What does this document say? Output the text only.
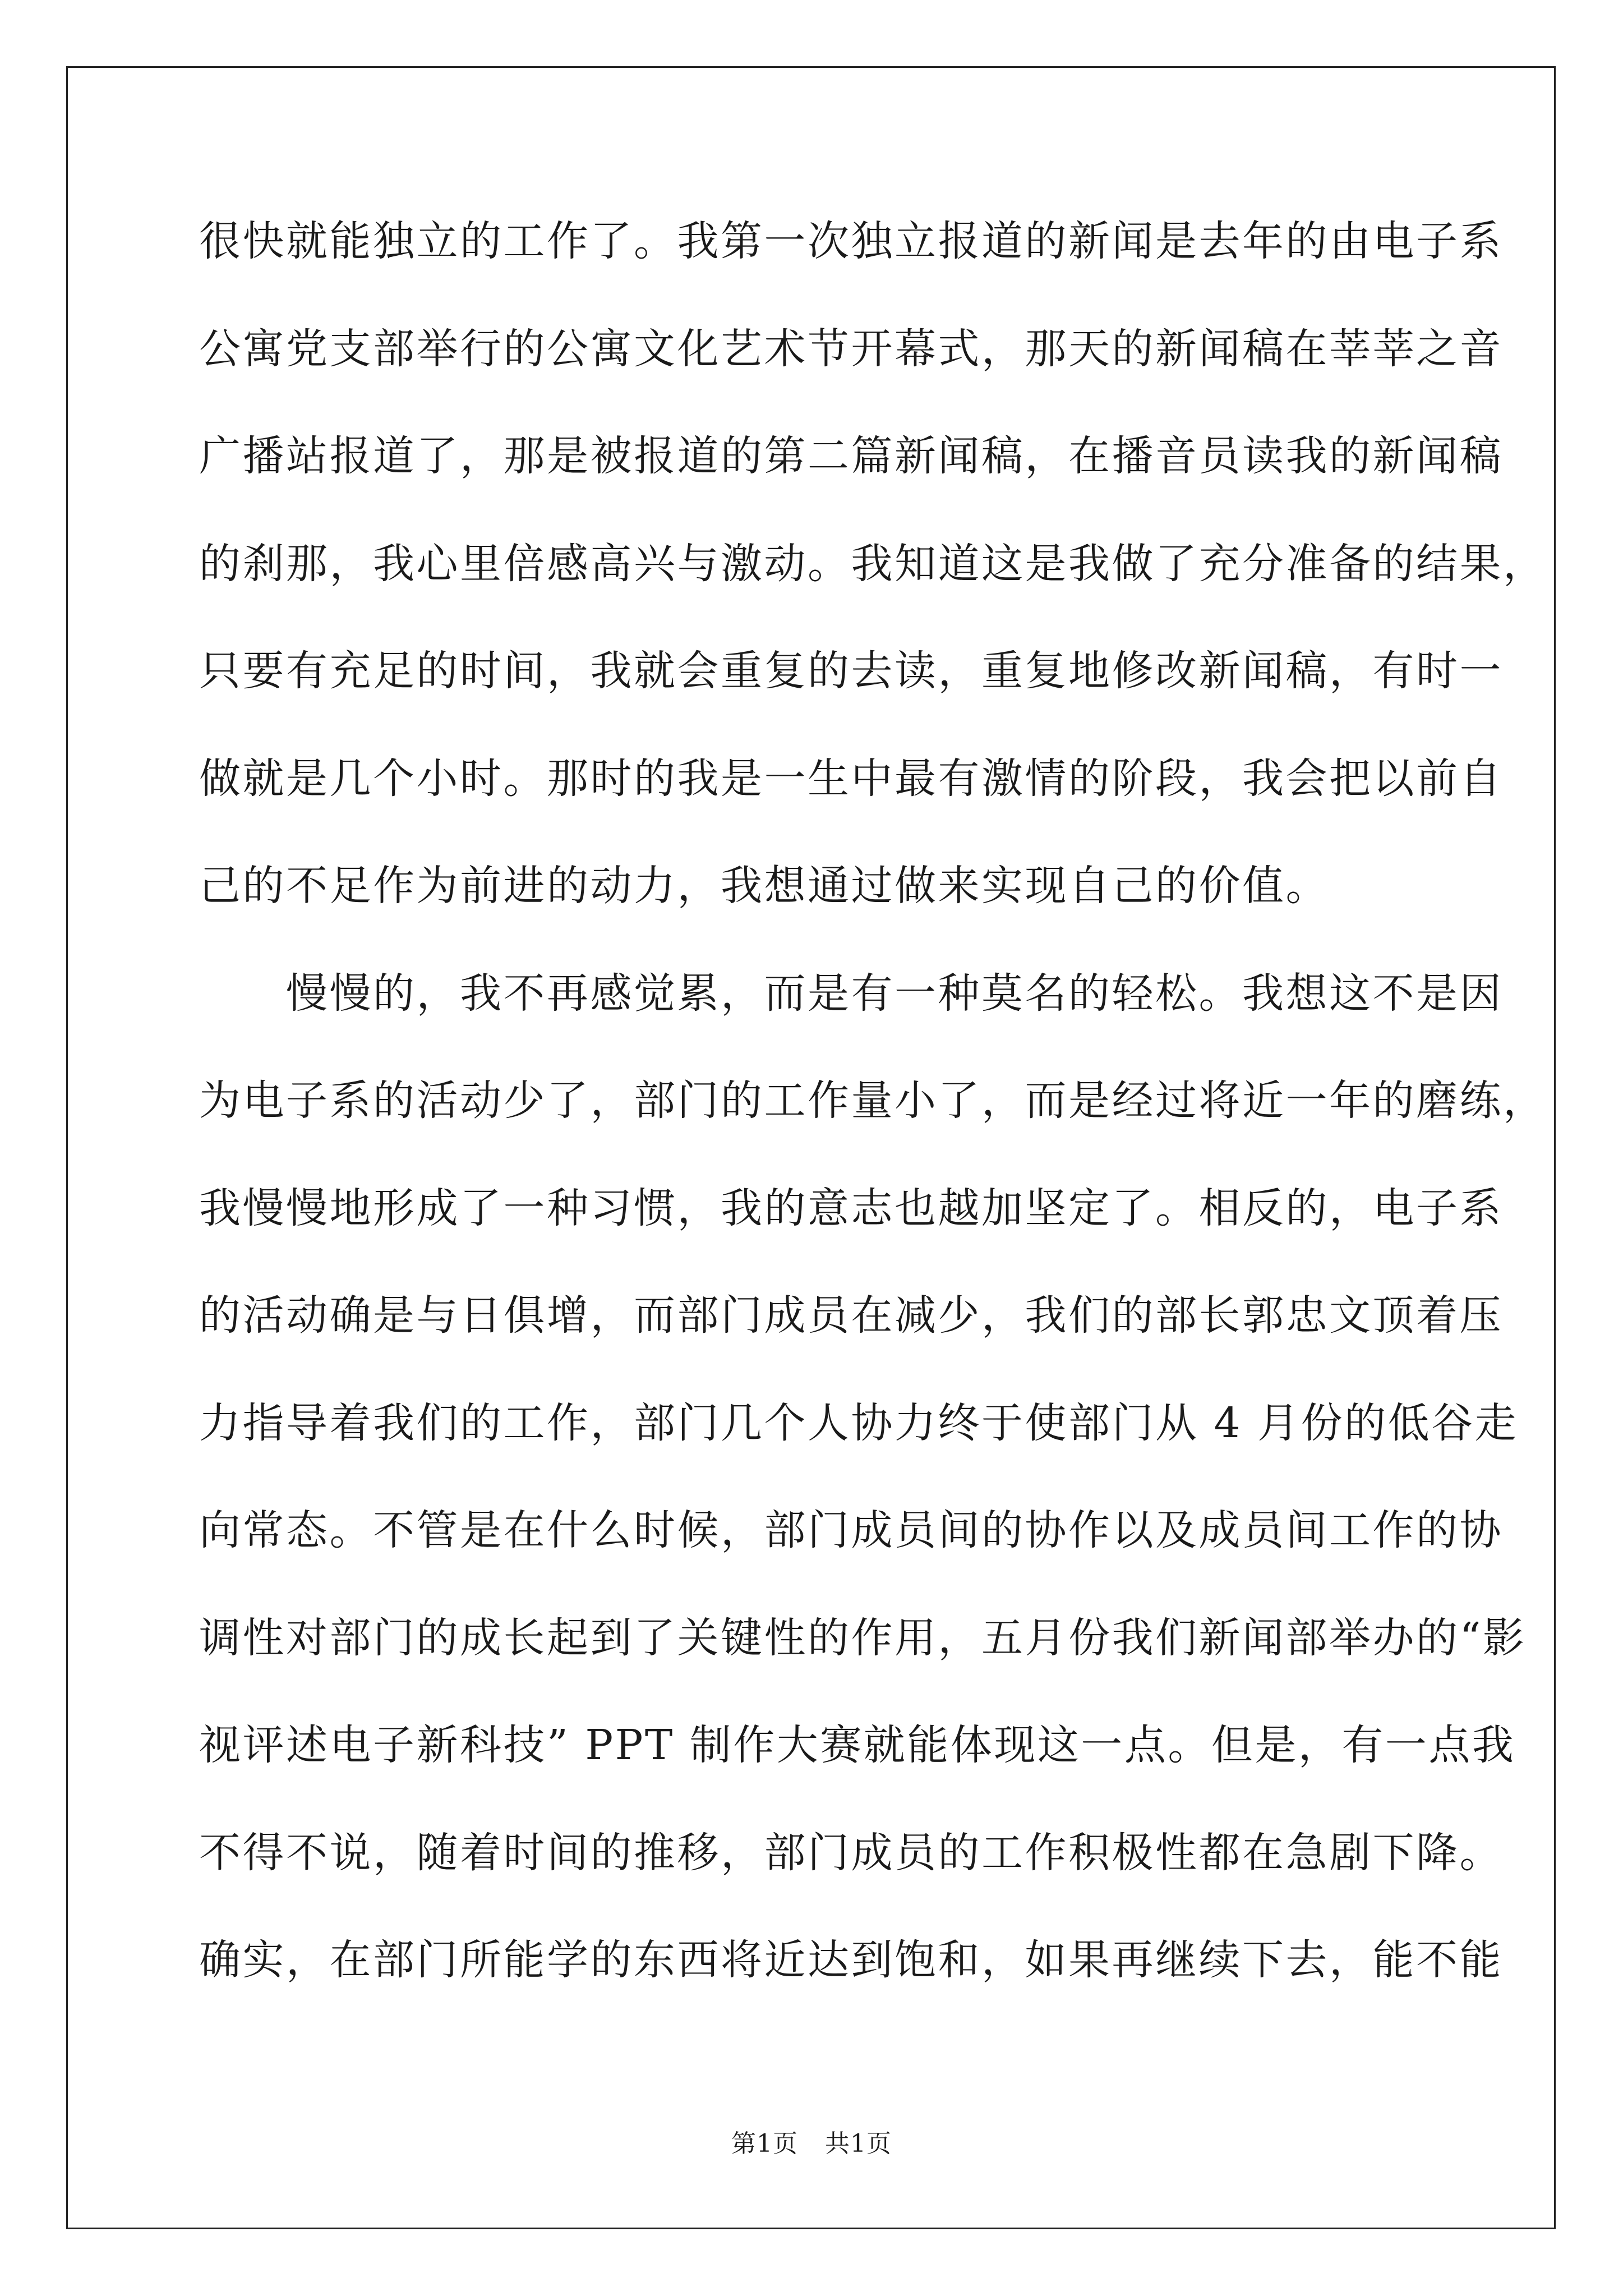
很快就能独立的工作了。我第一次独立报道的新闻是去年的由电子系
公寓党支部举行的公寓文化艺术节开幕式，那天的新闻稿在莘莘之音
广播站报道了，那是被报道的第二篇新闻稿，在播音员读我的新闻稿
的刹那，我心里倍感高兴与激动。我知道这是我做了充分准备的结果，
只要有充足的时间，我就会重复的去读，重复地修改新闻稿，有时一
做就是几个小时。那时的我是一生中最有激情的阶段，我会把以前自
己的不足作为前进的动力，我想通过做来实现自己的价值。
　　慢慢的，我不再感觉累，而是有一种莫名的轻松。我想这不是因
为电子系的活动少了，部门的工作量小了，而是经过将近一年的磨练，
我慢慢地形成了一种习惯，我的意志也越加坚定了。相反的，电子系
的活动确是与日俱增，而部门成员在减少，我们的部长郭忠文顶着压
力指导着我们的工作，部门几个人协力终于使部门从 4 月份的低谷走
向常态。不管是在什么时候，部门成员间的协作以及成员间工作的协
调性对部门的成长起到了关键性的作用，五月份我们新闻部举办的“影
视评述电子新科技” PPT 制作大赛就能体现这一点。但是，有一点我
不得不说，随着时间的推移，部门成员的工作积极性都在急剧下降。
确实，在部门所能学的东西将近达到饱和，如果再继续下去，能不能
第1页 共1页
